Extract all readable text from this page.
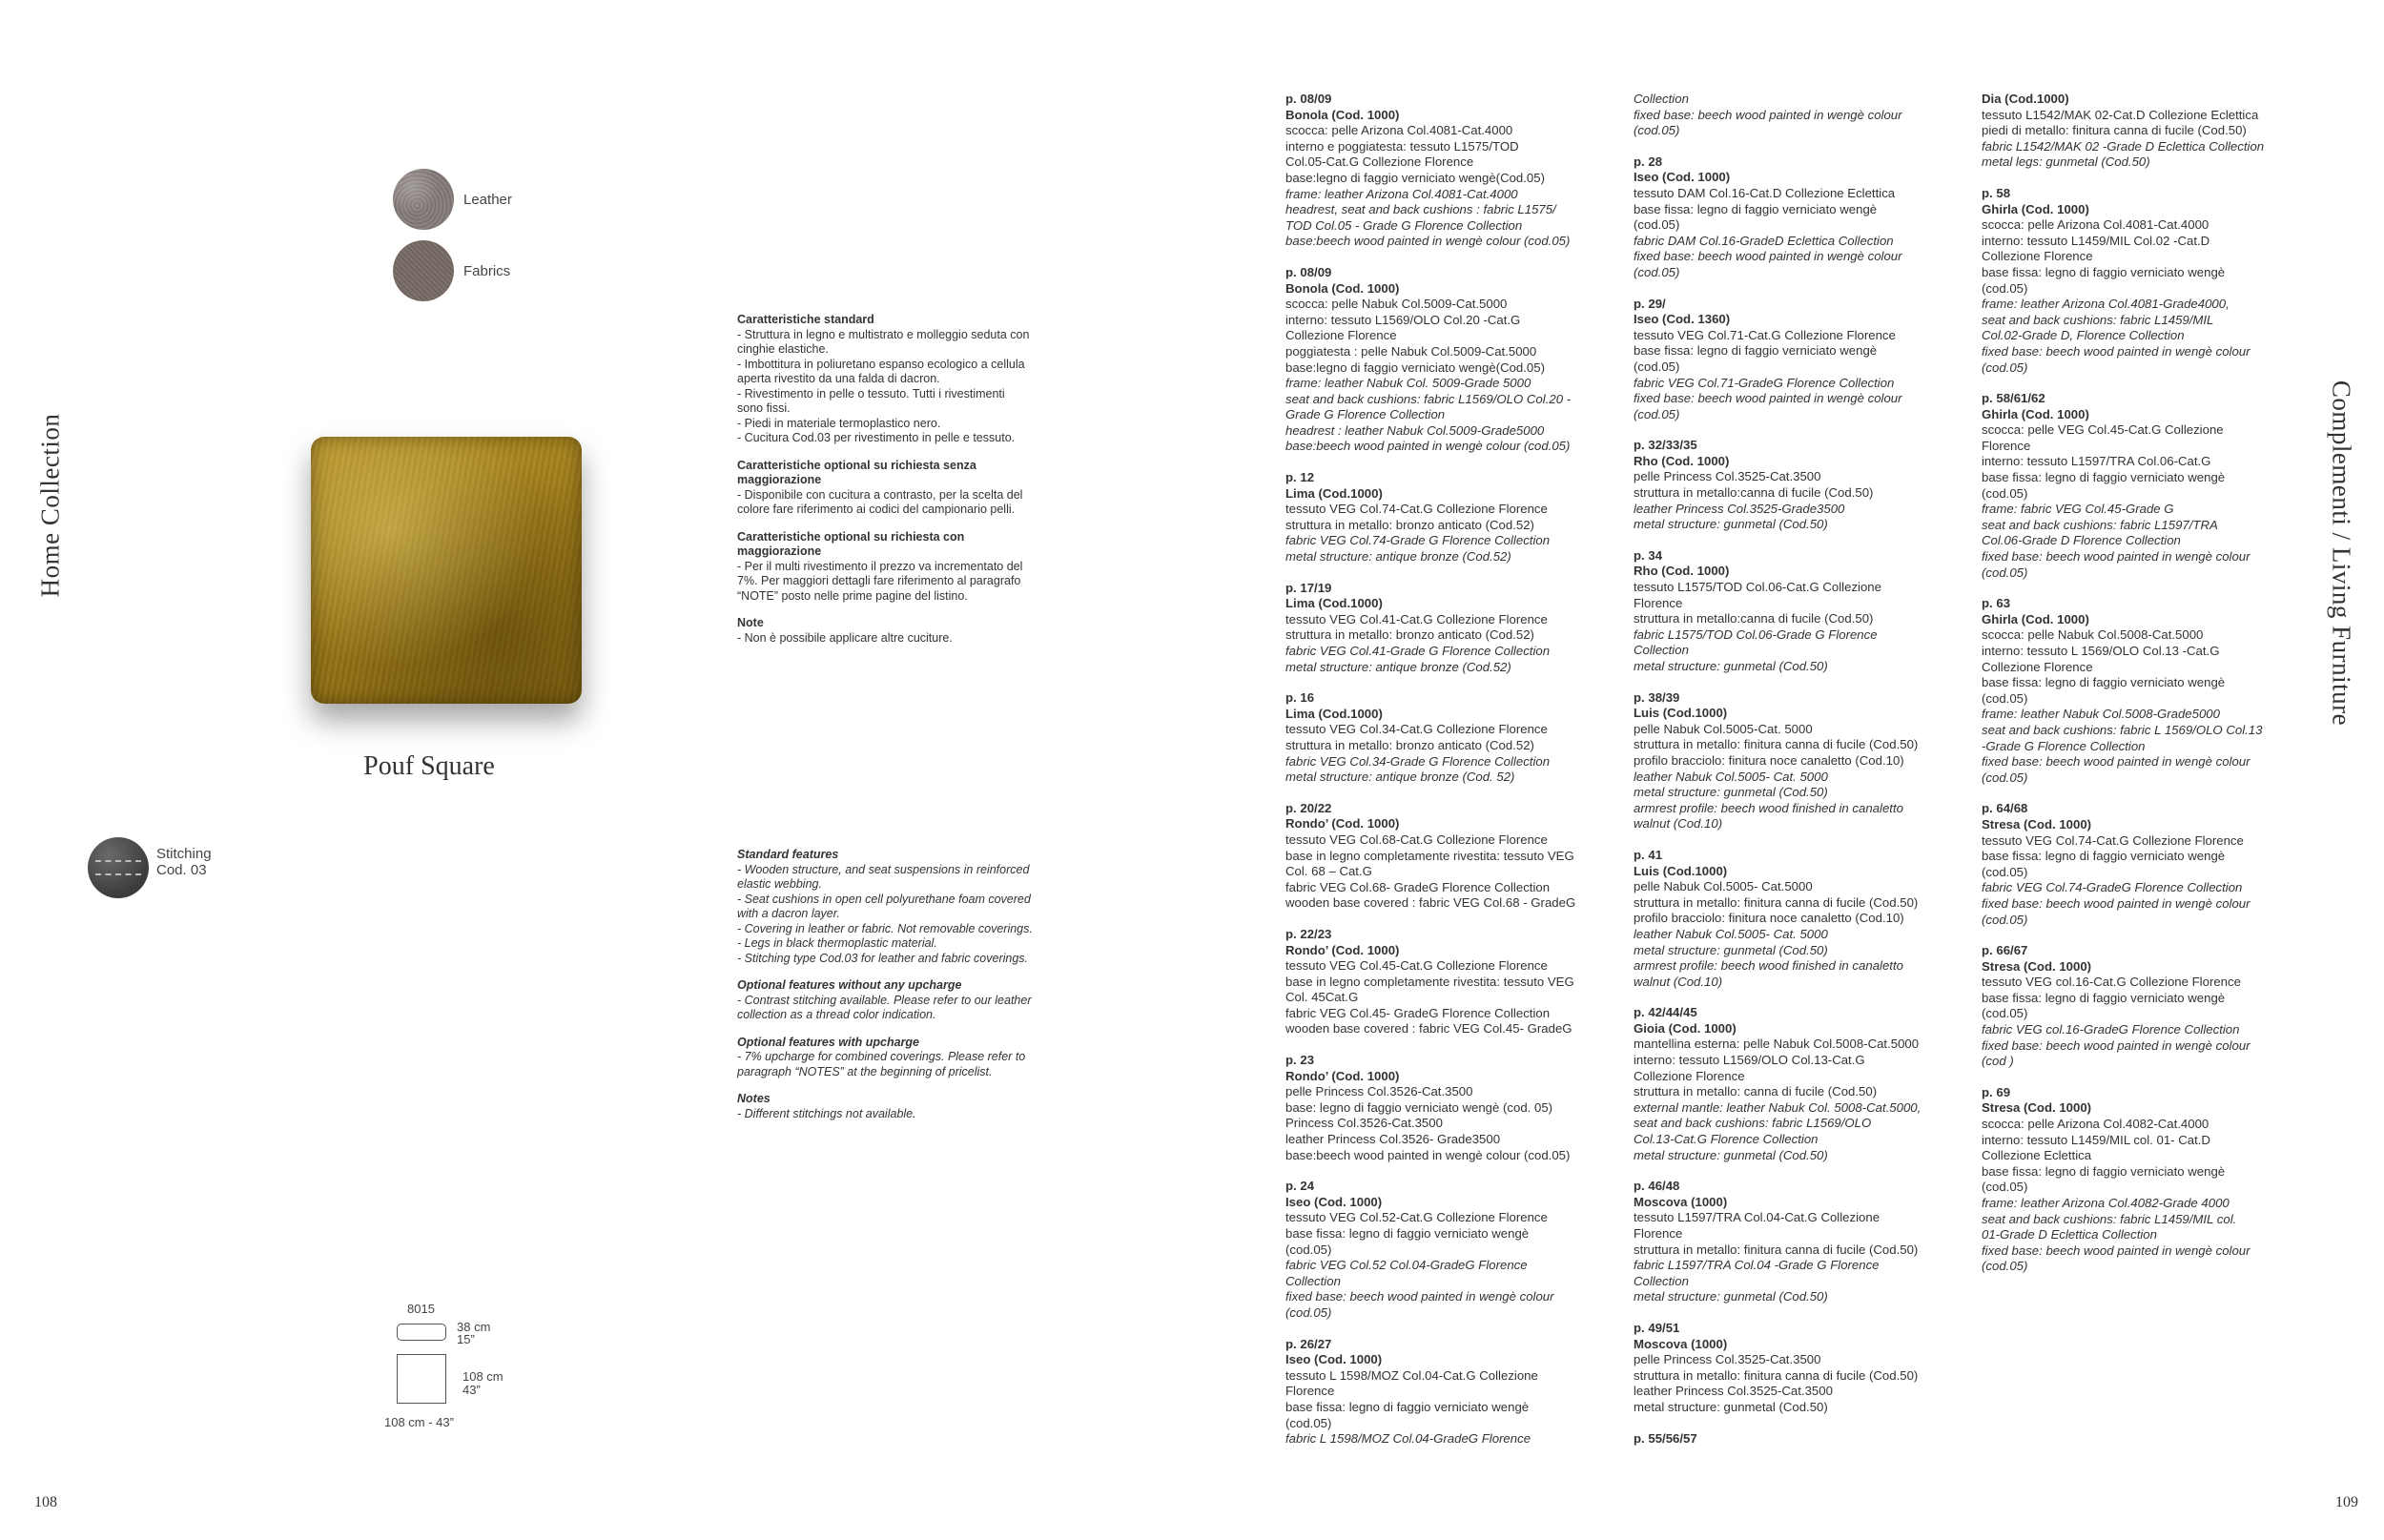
Home Collection
Leather
Fabrics
Pouf Square
Stitching
Cod. 03
Caratteristiche standard
- Struttura in legno e multistrato e molleggio seduta con
cinghie elastiche.
- Imbottitura in poliuretano espanso ecologico a cellula
aperta rivestito da una falda di dacron.
- Rivestimento in pelle o tessuto. Tutti i rivestimenti
sono fissi.
- Piedi in materiale termoplastico nero.
- Cucitura Cod.03 per rivestimento in pelle e tessuto.
Caratteristiche optional su richiesta senza maggiorazione
- Disponibile con cucitura a contrasto, per la scelta del
colore fare riferimento ai codici del campionario pelli.
Caratteristiche optional su richiesta con maggiorazione
- Per il multi rivestimento il prezzo va incrementato del
7%. Per maggiori dettagli fare riferimento al paragrafo
“NOTE” posto nelle prime pagine del listino.
Note
- Non è possibile applicare altre cuciture.
Standard features
- Wooden structure, and seat suspensions in reinforced
elastic webbing.
- Seat cushions in open cell polyurethane foam covered
with a dacron layer.
- Covering in leather or fabric. Not removable coverings.
- Legs in black thermoplastic material.
- Stitching type Cod.03 for leather and fabric coverings.
Optional features without any upcharge
- Contrast stitching available. Please refer to our leather
collection as a thread color indication.
Optional features with upcharge
- 7% upcharge for combined coverings. Please refer to
paragraph “NOTES” at the beginning of pricelist.
Notes
- Different stitchings not available.
8015
38 cm
15”
108 cm
43”
108 cm - 43”
108
Complementi / Living Furniture
109
p. 08/09
Bonola (Cod. 1000)
scocca: pelle Arizona Col.4081-Cat.4000
interno e poggiatesta: tessuto L1575/TOD
Col.05-Cat.G Collezione Florence
base:legno di faggio verniciato wengè(Cod.05)
frame: leather Arizona Col.4081-Cat.4000
headrest, seat and back cushions : fabric L1575/
TOD Col.05 - Grade G Florence Collection
base:beech wood painted in wengè colour (cod.05)
p. 08/09
Bonola (Cod. 1000)
scocca: pelle Nabuk Col.5009-Cat.5000
interno: tessuto L1569/OLO Col.20 -Cat.G
Collezione Florence
poggiatesta : pelle Nabuk Col.5009-Cat.5000
base:legno di faggio verniciato wengè(Cod.05)
frame: leather Nabuk Col. 5009-Grade 5000
seat and back cushions: fabric L1569/OLO Col.20 -
Grade G Florence Collection
headrest : leather Nabuk Col.5009-Grade5000
base:beech wood painted in wengè colour (cod.05)
p. 12
Lima (Cod.1000)
tessuto VEG Col.74-Cat.G Collezione Florence
struttura in metallo: bronzo anticato (Cod.52)
fabric VEG Col.74-Grade G Florence Collection
metal structure: antique bronze (Cod.52)
p. 17/19
Lima (Cod.1000)
tessuto VEG Col.41-Cat.G Collezione Florence
struttura in metallo: bronzo anticato (Cod.52)
fabric VEG Col.41-Grade G Florence Collection
metal structure: antique bronze (Cod.52)
p. 16
Lima (Cod.1000)
tessuto VEG Col.34-Cat.G Collezione Florence
struttura in metallo: bronzo anticato (Cod.52)
fabric VEG Col.34-Grade G Florence Collection
metal structure: antique bronze (Cod. 52)
p. 20/22
Rondo’ (Cod. 1000)
tessuto VEG Col.68-Cat.G Collezione Florence
base in legno completamente rivestita: tessuto VEG
Col. 68 – Cat.G
fabric VEG Col.68- GradeG Florence Collection
wooden base covered : fabric VEG Col.68 - GradeG
p. 22/23
Rondo’ (Cod. 1000)
tessuto VEG Col.45-Cat.G Collezione Florence
base in legno completamente rivestita: tessuto VEG
Col. 45Cat.G
fabric VEG Col.45- GradeG Florence Collection
wooden base covered : fabric VEG Col.45- GradeG
p. 23
Rondo’ (Cod. 1000)
pelle Princess Col.3526-Cat.3500
base: legno di faggio verniciato wengè (cod. 05)
Princess Col.3526-Cat.3500
leather Princess Col.3526- Grade3500
base:beech wood painted in wengè colour (cod.05)
p. 24
Iseo (Cod. 1000)
tessuto VEG Col.52-Cat.G Collezione Florence
base fissa: legno di faggio verniciato wengè
(cod.05)
fabric VEG Col.52 Col.04-GradeG Florence
Collection
fixed base: beech wood painted in wengè colour
(cod.05)
p. 26/27
Iseo (Cod. 1000)
tessuto L 1598/MOZ Col.04-Cat.G Collezione
Florence
base fissa: legno di faggio verniciato wengè
(cod.05)
fabric L 1598/MOZ Col.04-GradeG Florence
Collection
fixed base: beech wood painted in wengè colour
(cod.05)
p. 28
Iseo (Cod. 1000)
tessuto DAM Col.16-Cat.D Collezione Eclettica
base fissa: legno di faggio verniciato wengè
(cod.05)
fabric DAM Col.16-GradeD Eclettica Collection
fixed base: beech wood painted in wengè colour
(cod.05)
p. 29/
Iseo (Cod. 1360)
tessuto VEG Col.71-Cat.G Collezione Florence
base fissa: legno di faggio verniciato wengè
(cod.05)
fabric VEG Col.71-GradeG Florence Collection
fixed base: beech wood painted in wengè colour
(cod.05)
p. 32/33/35
Rho (Cod. 1000)
pelle Princess Col.3525-Cat.3500
struttura in metallo:canna di fucile (Cod.50)
leather Princess Col.3525-Grade3500
metal structure: gunmetal (Cod.50)
p. 34
Rho (Cod. 1000)
tessuto L1575/TOD Col.06-Cat.G Collezione
Florence
struttura in metallo:canna di fucile (Cod.50)
fabric L1575/TOD Col.06-Grade G Florence
Collection
metal structure: gunmetal (Cod.50)
p. 38/39
Luis (Cod.1000)
pelle Nabuk Col.5005-Cat. 5000
struttura in metallo: finitura canna di fucile (Cod.50)
profilo bracciolo: finitura noce canaletto (Cod.10)
leather Nabuk Col.5005- Cat. 5000
metal structure: gunmetal (Cod.50)
armrest profile: beech wood finished in canaletto
walnut (Cod.10)
p. 41
Luis (Cod.1000)
pelle Nabuk Col.5005- Cat.5000
struttura in metallo: finitura canna di fucile (Cod.50)
profilo bracciolo: finitura noce canaletto (Cod.10)
leather Nabuk Col.5005- Cat. 5000
metal structure: gunmetal (Cod.50)
armrest profile: beech wood finished in canaletto
walnut (Cod.10)
p. 42/44/45
Gioia (Cod. 1000)
mantellina esterna: pelle Nabuk Col.5008-Cat.5000
interno: tessuto L1569/OLO Col.13-Cat.G
Collezione Florence
struttura in metallo: canna di fucile (Cod.50)
external mantle: leather Nabuk Col. 5008-Cat.5000,
seat and back cushions: fabric L1569/OLO
Col.13-Cat.G Florence Collection
metal structure: gunmetal (Cod.50)
p. 46/48
Moscova (1000)
tessuto L1597/TRA Col.04-Cat.G Collezione
Florence
struttura in metallo: finitura canna di fucile (Cod.50)
fabric L1597/TRA Col.04 -Grade G Florence
Collection
metal structure: gunmetal (Cod.50)
p. 49/51
Moscova (1000)
pelle Princess Col.3525-Cat.3500
struttura in metallo: finitura canna di fucile (Cod.50)
leather Princess Col.3525-Cat.3500
metal structure: gunmetal (Cod.50)
p. 55/56/57
Dia (Cod.1000)
tessuto L1542/MAK 02-Cat.D Collezione Eclettica
piedi di metallo: finitura canna di fucile (Cod.50)
fabric L1542/MAK 02 -Grade D Eclettica Collection
metal legs: gunmetal (Cod.50)
p. 58
Ghirla (Cod. 1000)
scocca: pelle Arizona Col.4081-Cat.4000
interno: tessuto L1459/MIL Col.02 -Cat.D
Collezione Florence
base fissa: legno di faggio verniciato wengè
(cod.05)
frame: leather Arizona Col.4081-Grade4000,
seat and back cushions: fabric L1459/MIL
Col.02-Grade D, Florence Collection
fixed base: beech wood painted in wengè colour
(cod.05)
p. 58/61/62
Ghirla (Cod. 1000)
scocca: pelle VEG Col.45-Cat.G Collezione
Florence
interno: tessuto L1597/TRA Col.06-Cat.G
base fissa: legno di faggio verniciato wengè
(cod.05)
frame: fabric VEG Col.45-Grade G
seat and back cushions: fabric L1597/TRA
Col.06-Grade D Florence Collection
fixed base: beech wood painted in wengè colour
(cod.05)
p. 63
Ghirla (Cod. 1000)
scocca: pelle Nabuk Col.5008-Cat.5000
interno: tessuto L 1569/OLO Col.13 -Cat.G
Collezione Florence
base fissa: legno di faggio verniciato wengè
(cod.05)
frame: leather Nabuk Col.5008-Grade5000
seat and back cushions: fabric L 1569/OLO Col.13
-Grade G Florence Collection
fixed base: beech wood painted in wengè colour
(cod.05)
p. 64/68
Stresa (Cod. 1000)
tessuto VEG Col.74-Cat.G Collezione Florence
base fissa: legno di faggio verniciato wengè
(cod.05)
fabric VEG Col.74-GradeG Florence Collection
fixed base: beech wood painted in wengè colour
(cod.05)
p. 66/67
Stresa (Cod. 1000)
tessuto VEG col.16-Cat.G Collezione Florence
base fissa: legno di faggio verniciato wengè
(cod.05)
fabric VEG col.16-GradeG Florence Collection
fixed base: beech wood painted in wengè colour
(cod )
p. 69
Stresa (Cod. 1000)
scocca: pelle Arizona Col.4082-Cat.4000
interno: tessuto L1459/MIL col. 01- Cat.D
Collezione Eclettica
base fissa: legno di faggio verniciato wengè
(cod.05)
frame: leather Arizona Col.4082-Grade 4000
seat and back cushions: fabric L1459/MIL col.
01-Grade D Eclettica Collection
fixed base: beech wood painted in wengè colour
(cod.05)
